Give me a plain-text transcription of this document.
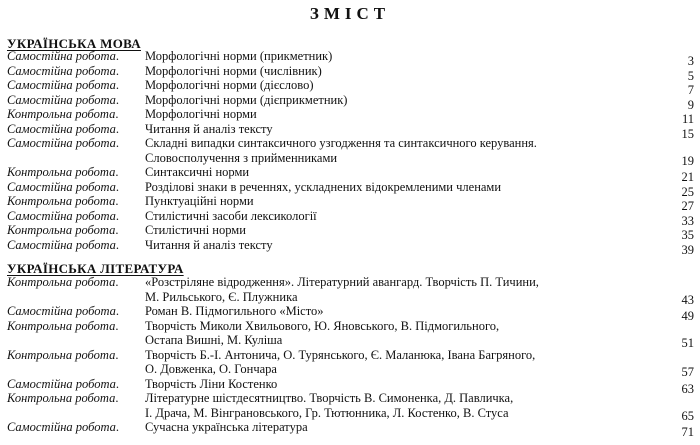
ЗМІСТ
УКРАЇНСЬКА МОВА
Самостійна робота.	Морфологічні норми (прикметник)	3
Самостійна робота.	Морфологічні норми (числівник)	5
Самостійна робота.	Морфологічні норми (дієслово)	7
Самостійна робота.	Морфологічні норми (дієприкметник)	9
Контрольна робота.	Морфологічні норми	11
Самостійна робота.	Читання й аналіз тексту	15
Самостійна робота.	Складні випадки синтаксичного узгодження та синтаксичного керування.
Словосполучення з прийменниками	19
Контрольна робота.	Синтаксичні норми	21
Самостійна робота.	Розділові знаки в реченнях, ускладнених відокремленими членами	25
Контрольна робота.	Пунктуаційні норми	27
Самостійна робота.	Стилістичні засоби лексикології	33
Контрольна робота.	Стилістичні норми	35
Самостійна робота.	Читання й аналіз тексту	39
УКРАЇНСЬКА ЛІТЕРАТУРА
Контрольна робота.	«Розстріляне відродження». Літературний авангард. Творчість П. Тичини,
М. Рильського, Є. Плужника	43
Самостійна робота.	Роман В. Підмогильного «Місто»	49
Контрольна робота.	Творчість Миколи Хвильового, Ю. Яновського, В. Підмогильного,
Остапа Вишні, М. Куліша	51
Контрольна робота.	Творчість Б.-І. Антонича, О. Турянського, Є. Маланюка, Івана Багряного,
О. Довженка, О. Гончара	57
Самостійна робота.	Творчість Ліни Костенко	63
Контрольна робота.	Літературне шістдесятництво. Творчість В. Симоненка, Д. Павличка,
І. Драча, М. Вінграновського, Гр. Тютюнника, Л. Костенко, В. Стуса	65
Самостійна робота.	Сучасна українська література	71
